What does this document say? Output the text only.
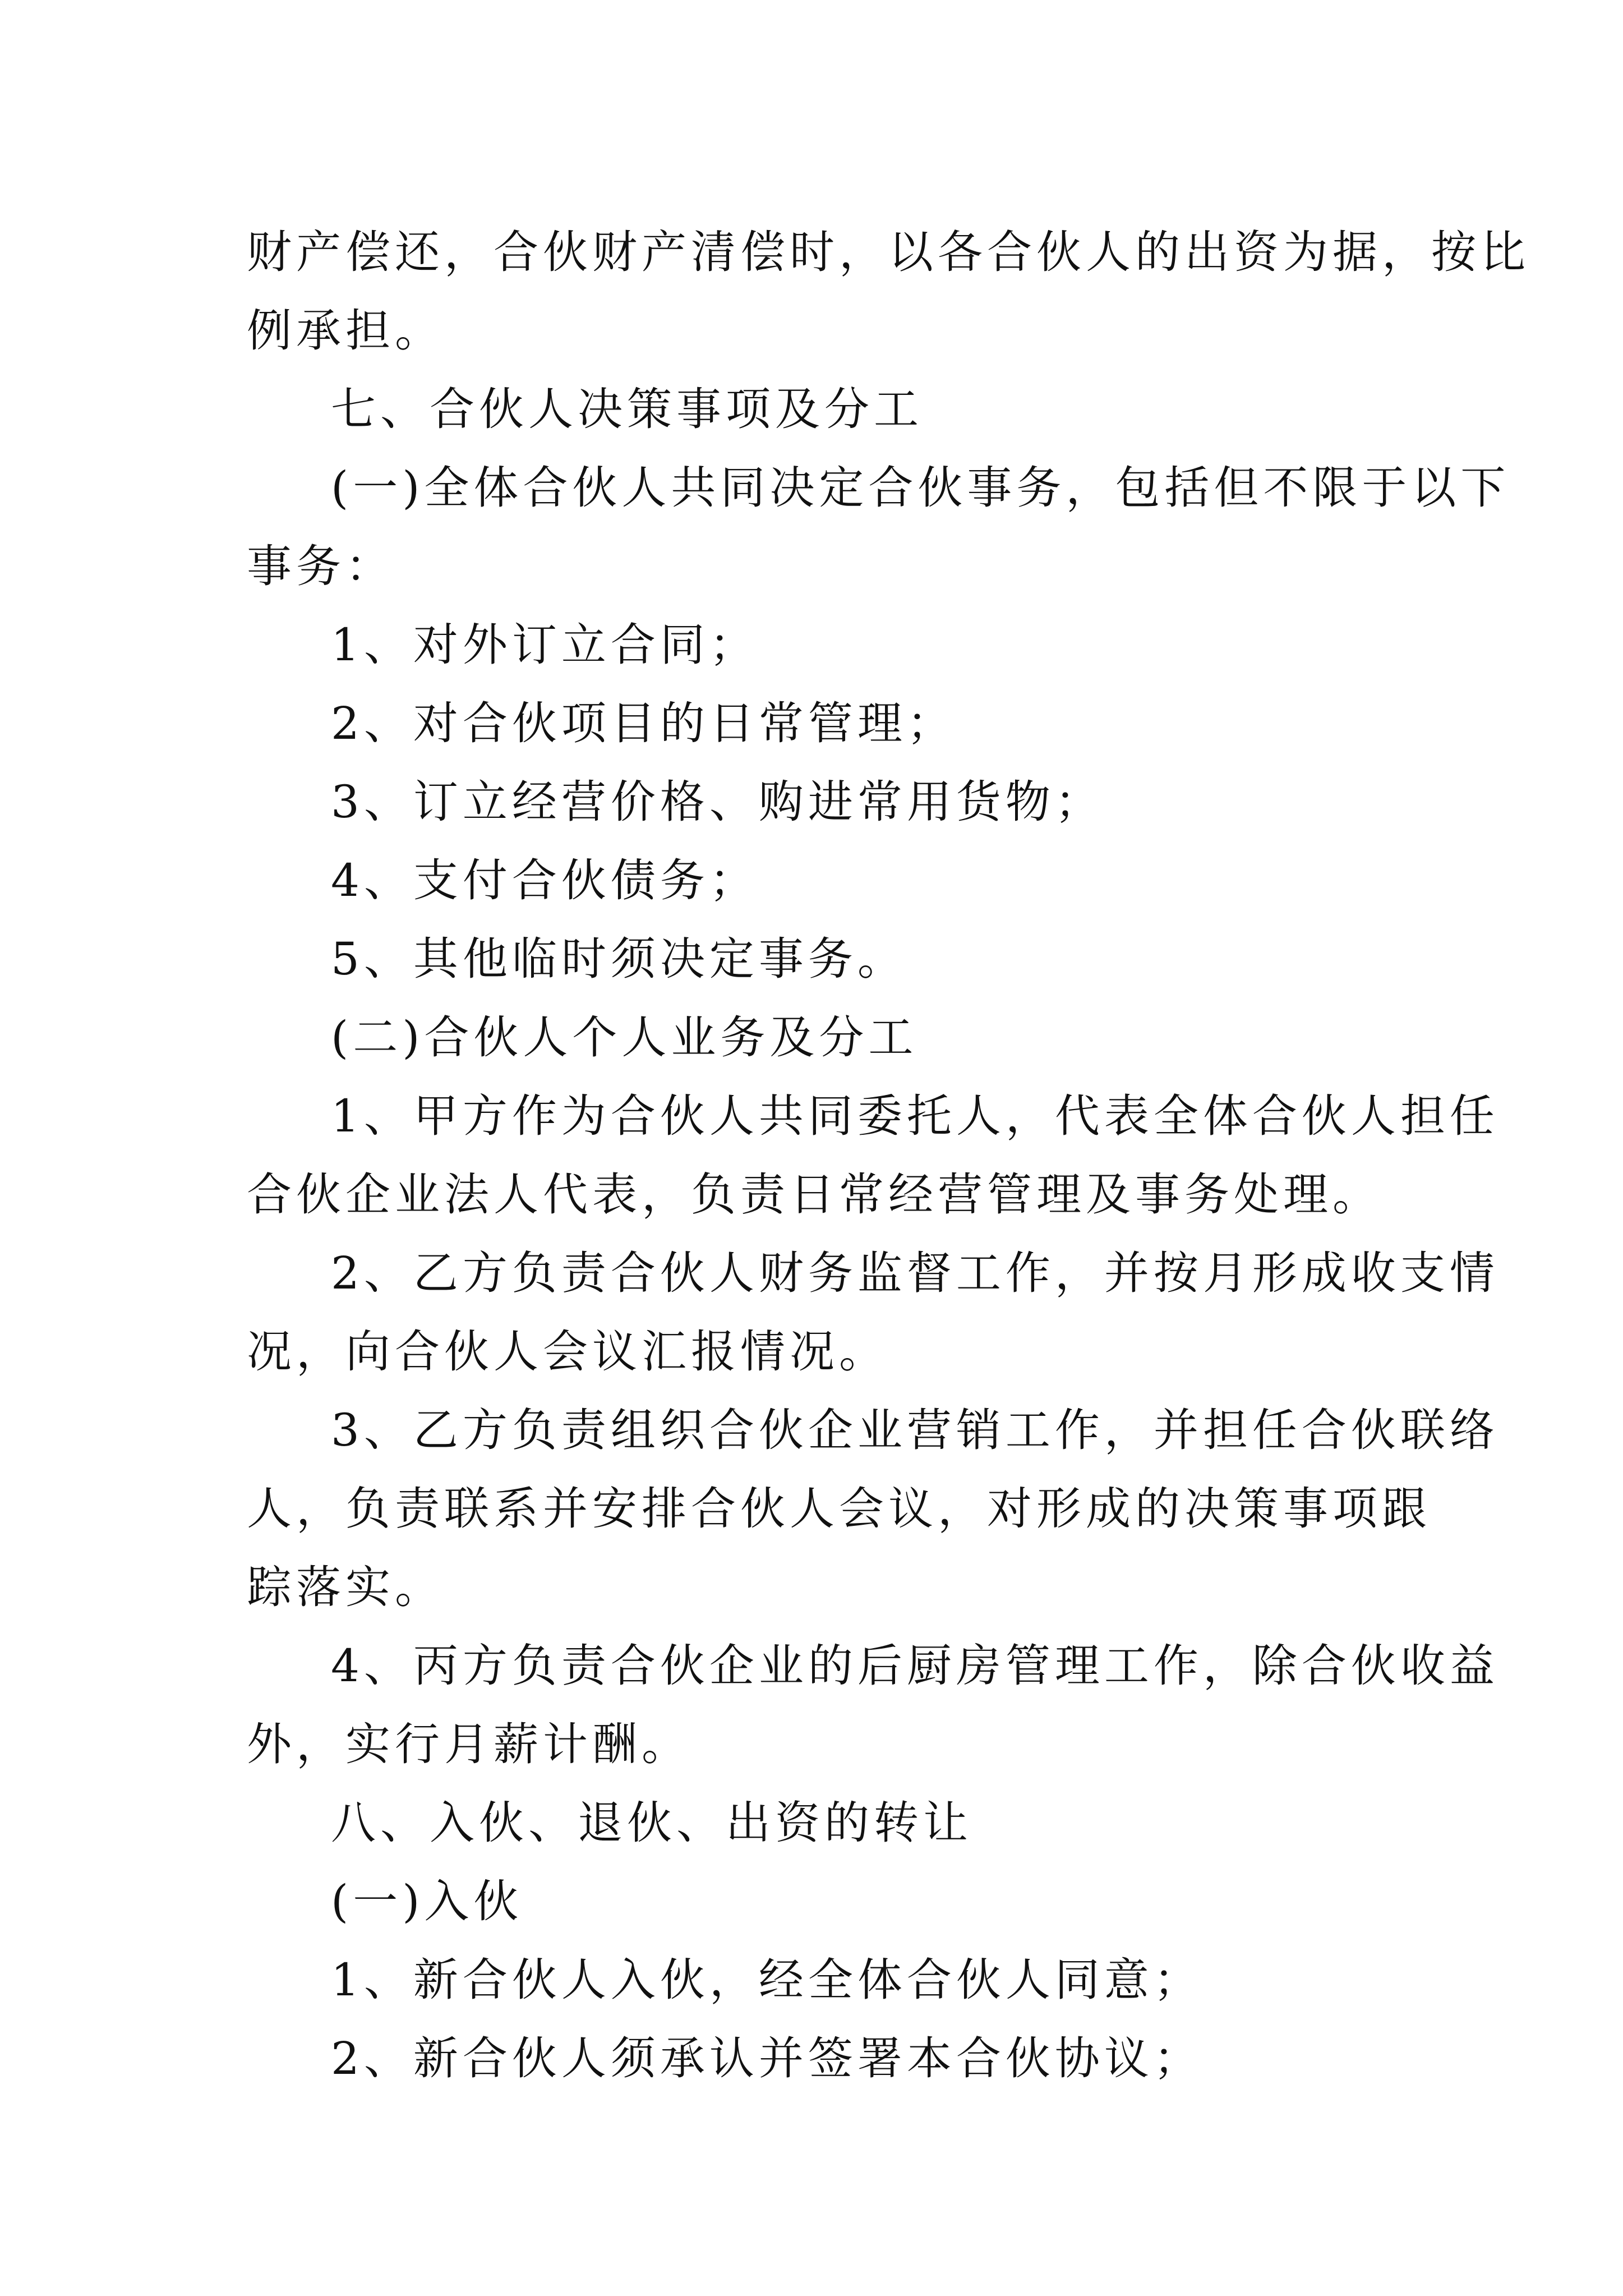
财产偿还，合伙财产清偿时，以各合伙人的出资为据，按比
例承担。
七、合伙人决策事项及分工
(一)全体合伙人共同决定合伙事务，包括但不限于以下
事务：
1、对外订立合同；
2、对合伙项目的日常管理；
3、订立经营价格、购进常用货物；
4、支付合伙债务；
5、其他临时须决定事务。
(二)合伙人个人业务及分工
1、甲方作为合伙人共同委托人，代表全体合伙人担任
合伙企业法人代表，负责日常经营管理及事务处理。
2、乙方负责合伙人财务监督工作，并按月形成收支情
况，向合伙人会议汇报情况。
3、乙方负责组织合伙企业营销工作，并担任合伙联络
人，负责联系并安排合伙人会议，对形成的决策事项跟
踪落实。
4、丙方负责合伙企业的后厨房管理工作，除合伙收益
外，实行月薪计酬。
八、入伙、退伙、出资的转让
(一)入伙
1、新合伙人入伙，经全体合伙人同意；
2、新合伙人须承认并签署本合伙协议；
